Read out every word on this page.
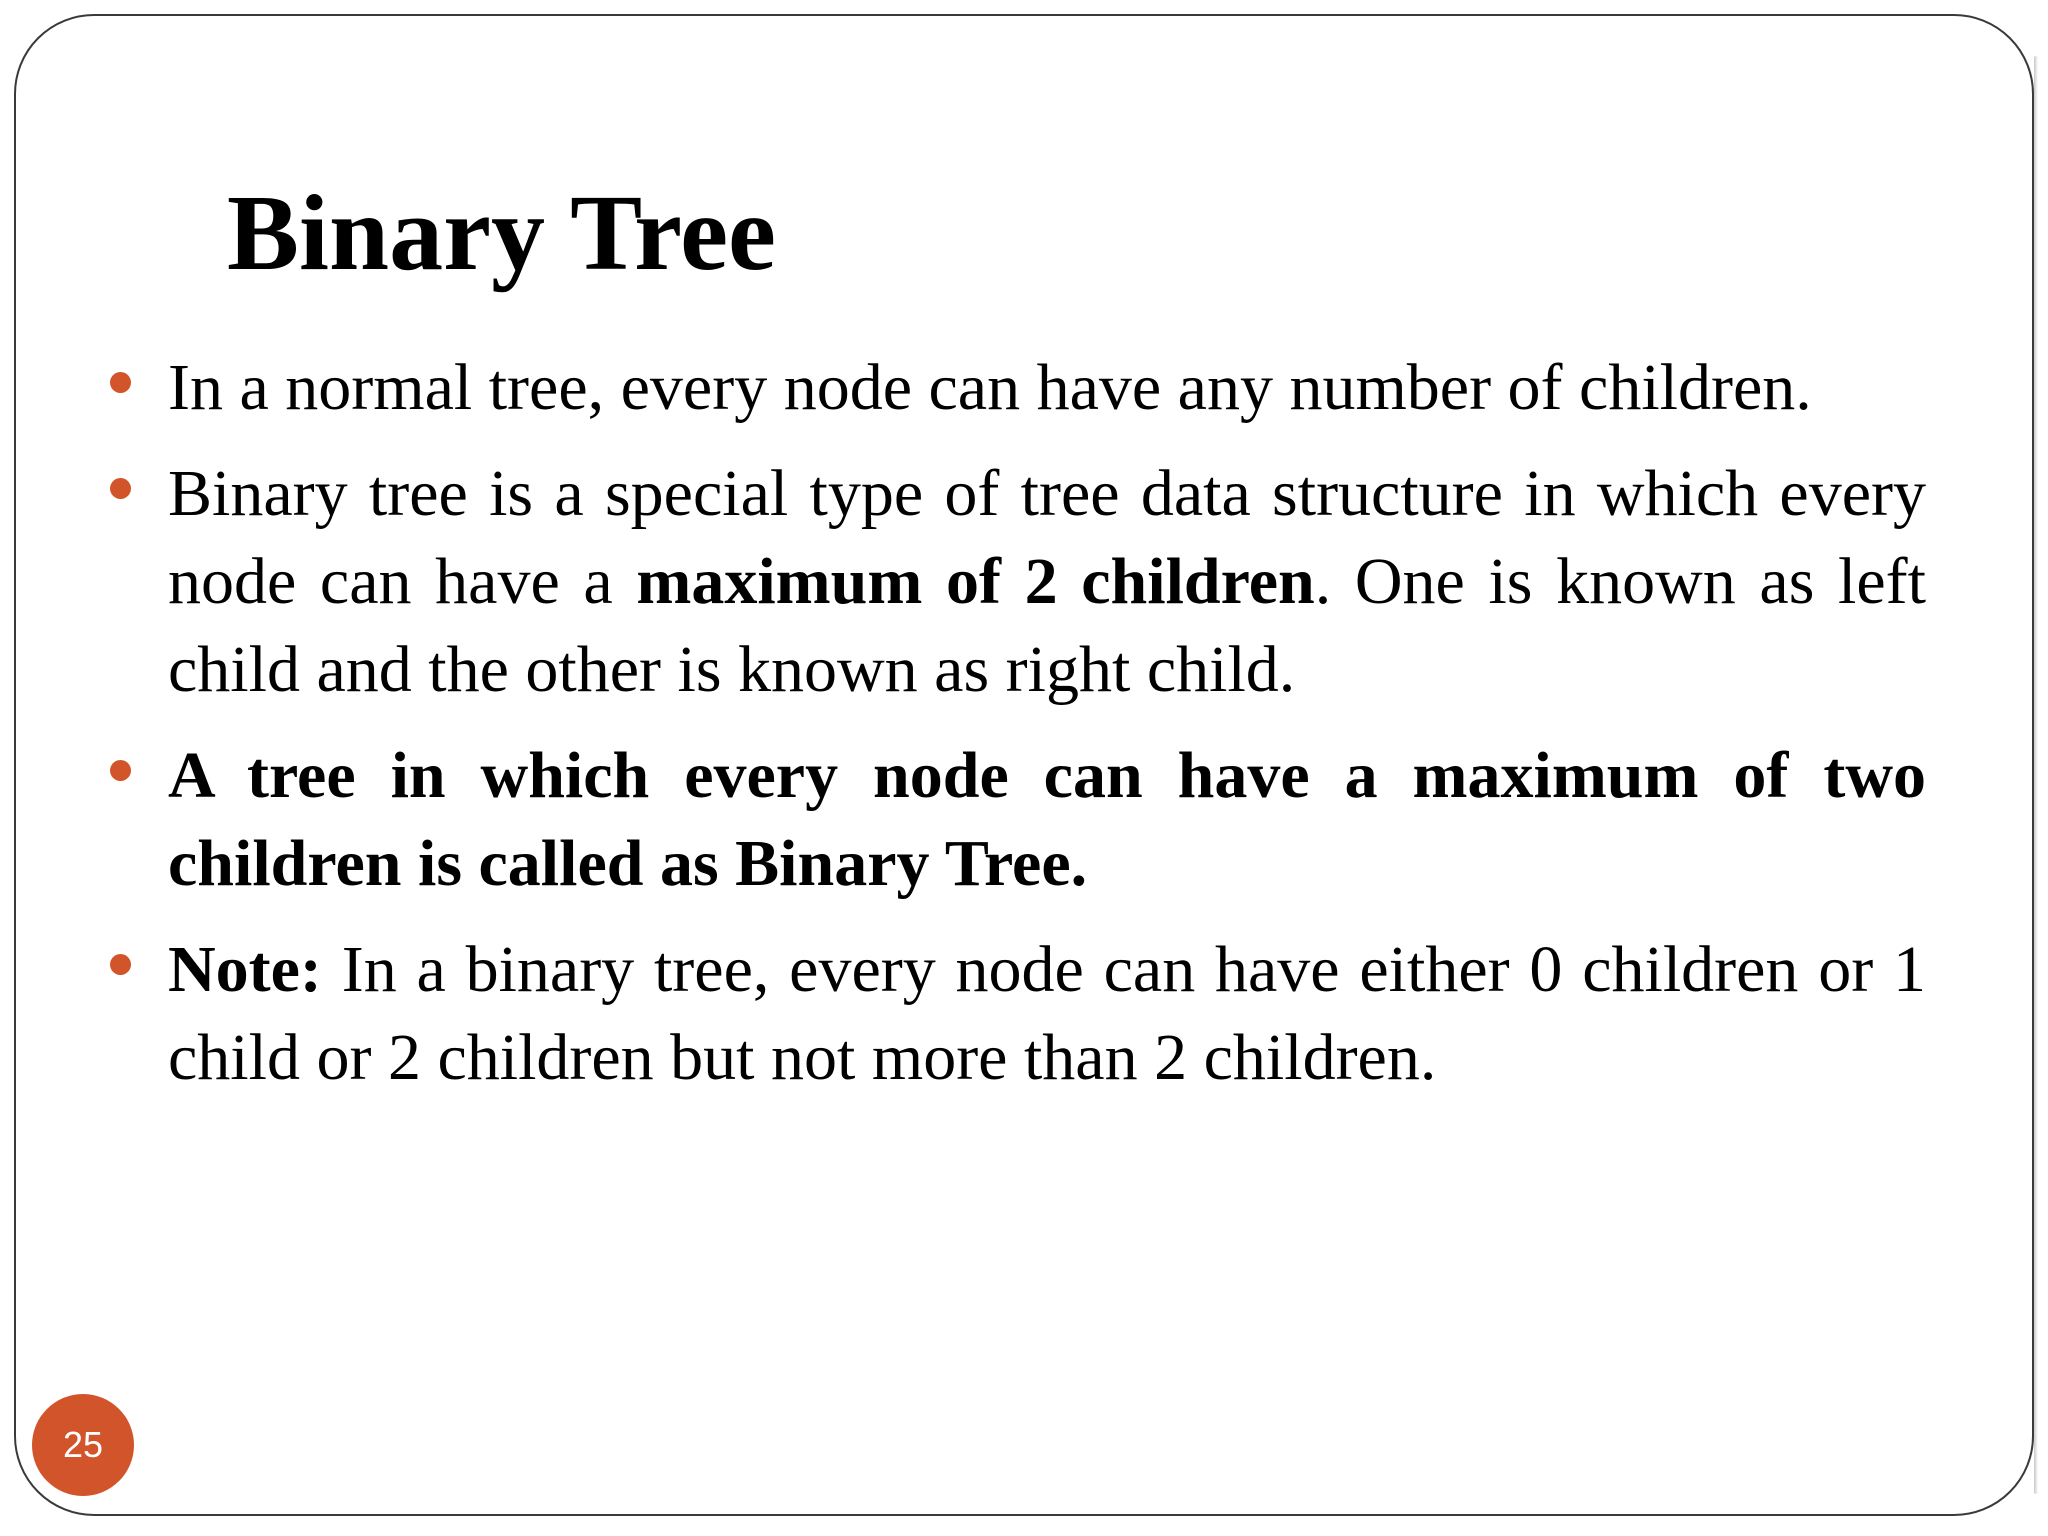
Binary Tree
In a normal tree, every node can have any number of children.
Binary tree is a special type of tree data structure in which every node can have a maximum of 2 children. One is known as left child and the other is known as right child.
A tree in which every node can have a maximum of two children is called as Binary Tree.
Note: In a binary tree, every node can have either 0 children or 1 child or 2 children but not more than 2 children.
25
